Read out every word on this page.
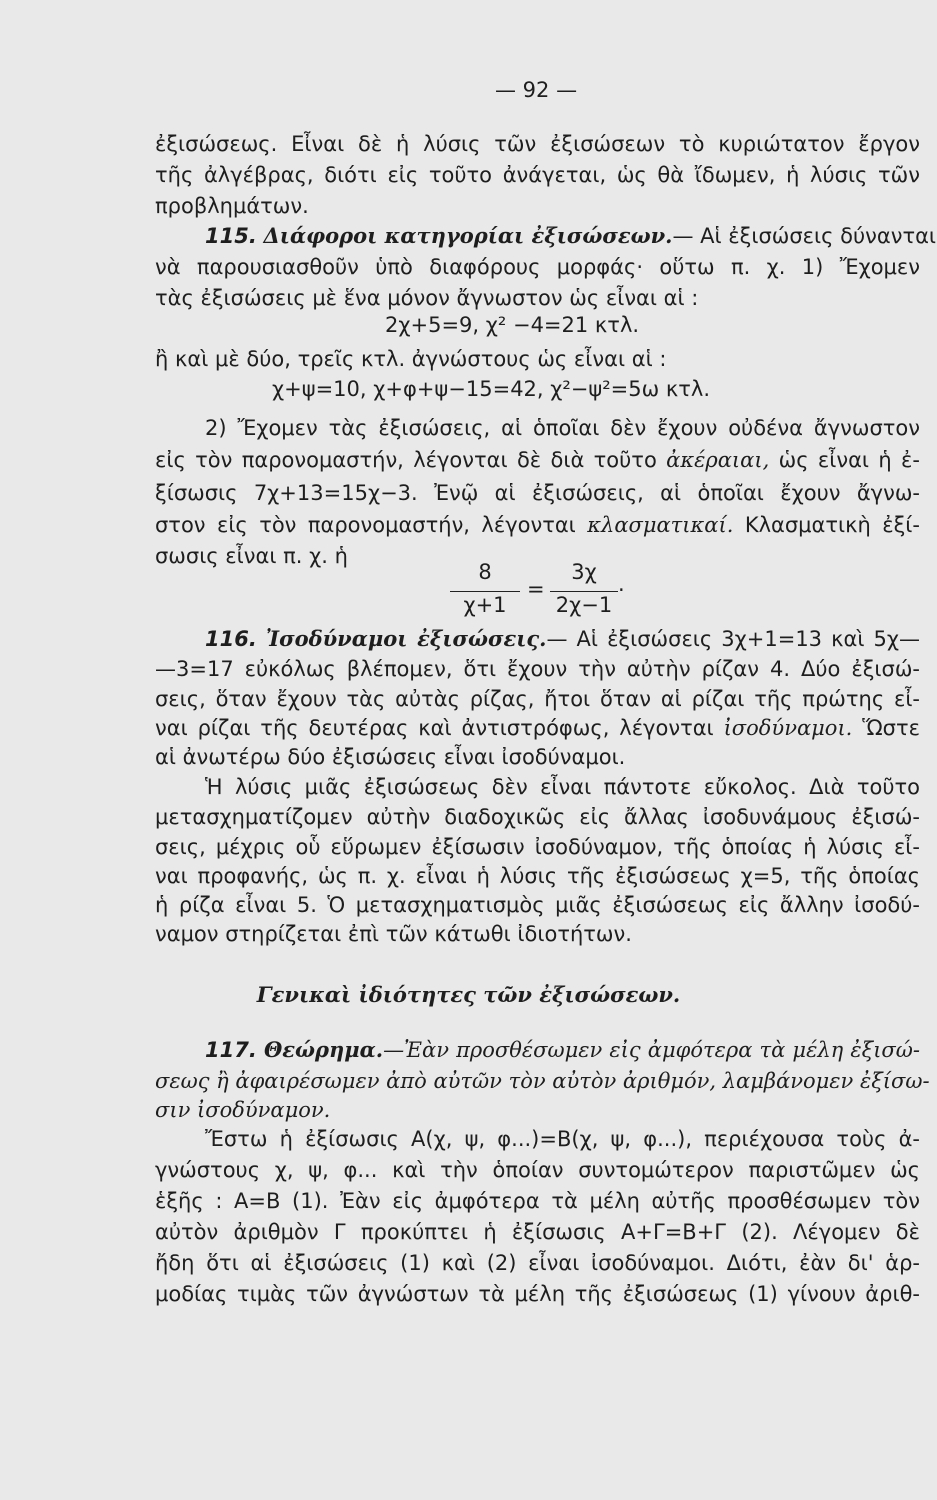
— 92 —
ἐξισώσεως. Εἶναι δὲ ἡ λύσις τῶν ἐξισώσεων τὸ κυριώτατον ἔργον
τῆς ἀλγέβρας, διότι εἰς τοῦτο ἀνάγεται, ὡς θὰ ἴδωμεν, ἡ λύσις τῶν
προβλημάτων.
115. Διάφοροι κατηγορίαι ἐξισώσεων.— Αἱ ἐξισώσεις δύνανται
νὰ παρουσιασθοῦν ὑπὸ διαφόρους μορφάς· οὕτω π. χ. 1) Ἔχομεν
τὰς ἐξισώσεις μὲ ἕνα μόνον ἄγνωστον ὡς εἶναι αἱ :
2χ+5=9, χ² −4=21 κτλ.
ἢ καὶ μὲ δύο, τρεῖς κτλ. ἀγνώστους ὡς εἶναι αἱ :
χ+ψ=10, χ+φ+ψ−15=42, χ²−ψ²=5ω κτλ.
2) Ἔχομεν τὰς ἐξισώσεις, αἱ ὁποῖαι δὲν ἔχουν οὐδένα ἄγνωστον
εἰς τὸν παρονομαστήν, λέγονται δὲ διὰ τοῦτο ἀκέραιαι, ὡς εἶναι ἡ ἐ-
ξίσωσις 7χ+13=15χ−3. Ἐνῷ αἱ ἐξισώσεις, αἱ ὁποῖαι ἔχουν ἄγνω-
στον εἰς τὸν παρονομαστήν, λέγονται κλασματικαί. Κλασματικὴ ἐξί-
σωσις εἶναι π. χ. ἡ
8
χ+1
=
3χ
2χ−1
.
116. Ἰσοδύναμοι ἐξισώσεις.— Αἱ ἐξισώσεις 3χ+1=13 καὶ 5χ—
—3=17 εὐκόλως βλέπομεν, ὅτι ἔχουν τὴν αὐτὴν ρίζαν 4. Δύο ἐξισώ-
σεις, ὅταν ἔχουν τὰς αὐτὰς ρίζας, ἤτοι ὅταν αἱ ρίζαι τῆς πρώτης εἶ-
ναι ρίζαι τῆς δευτέρας καὶ ἀντιστρόφως, λέγονται ἰσοδύναμοι. Ὥστε
αἱ ἀνωτέρω δύο ἐξισώσεις εἶναι ἰσοδύναμοι.
Ἡ λύσις μιᾶς ἐξισώσεως δὲν εἶναι πάντοτε εὔκολος. Διὰ τοῦτο
μετασχηματίζομεν αὐτὴν διαδοχικῶς εἰς ἄλλας ἰσοδυνάμους ἐξισώ-
σεις, μέχρις οὗ εὕρωμεν ἐξίσωσιν ἰσοδύναμον, τῆς ὁποίας ἡ λύσις εἶ-
ναι προφανής, ὡς π. χ. εἶναι ἡ λύσις τῆς ἐξισώσεως χ=5, τῆς ὁποίας
ἡ ρίζα εἶναι 5. Ὁ μετασχηματισμὸς μιᾶς ἐξισώσεως εἰς ἄλλην ἰσοδύ-
ναμον στηρίζεται ἐπὶ τῶν κάτωθι ἰδιοτήτων.
Γενικαὶ ἰδιότητες τῶν ἐξισώσεων.
117. Θεώρημα.—Ἐὰν προσθέσωμεν εἰς ἀμφότερα τὰ μέλη ἐξισώ-
σεως ἢ ἀφαιρέσωμεν ἀπὸ αὐτῶν τὸν αὐτὸν ἀριθμόν, λαμβάνομεν ἐξίσω-
σιν ἰσοδύναμον.
Ἔστω ἡ ἐξίσωσις Α(χ, ψ, φ...)=Β(χ, ψ, φ...), περιέχουσα τοὺς ἀ-
γνώστους χ, ψ, φ... καὶ τὴν ὁποίαν συντομώτερον παριστῶμεν ὡς
ἑξῆς : Α=Β (1). Ἐὰν εἰς ἀμφότερα τὰ μέλη αὐτῆς προσθέσωμεν τὸν
αὐτὸν ἀριθμὸν Γ προκύπτει ἡ ἐξίσωσις Α+Γ=Β+Γ (2). Λέγομεν δὲ
ἤδη ὅτι αἱ ἐξισώσεις (1) καὶ (2) εἶναι ἰσοδύναμοι. Διότι, ἐὰν δι' ἁρ-
μοδίας τιμὰς τῶν ἀγνώστων τὰ μέλη τῆς ἐξισώσεως (1) γίνουν ἀριθ-
